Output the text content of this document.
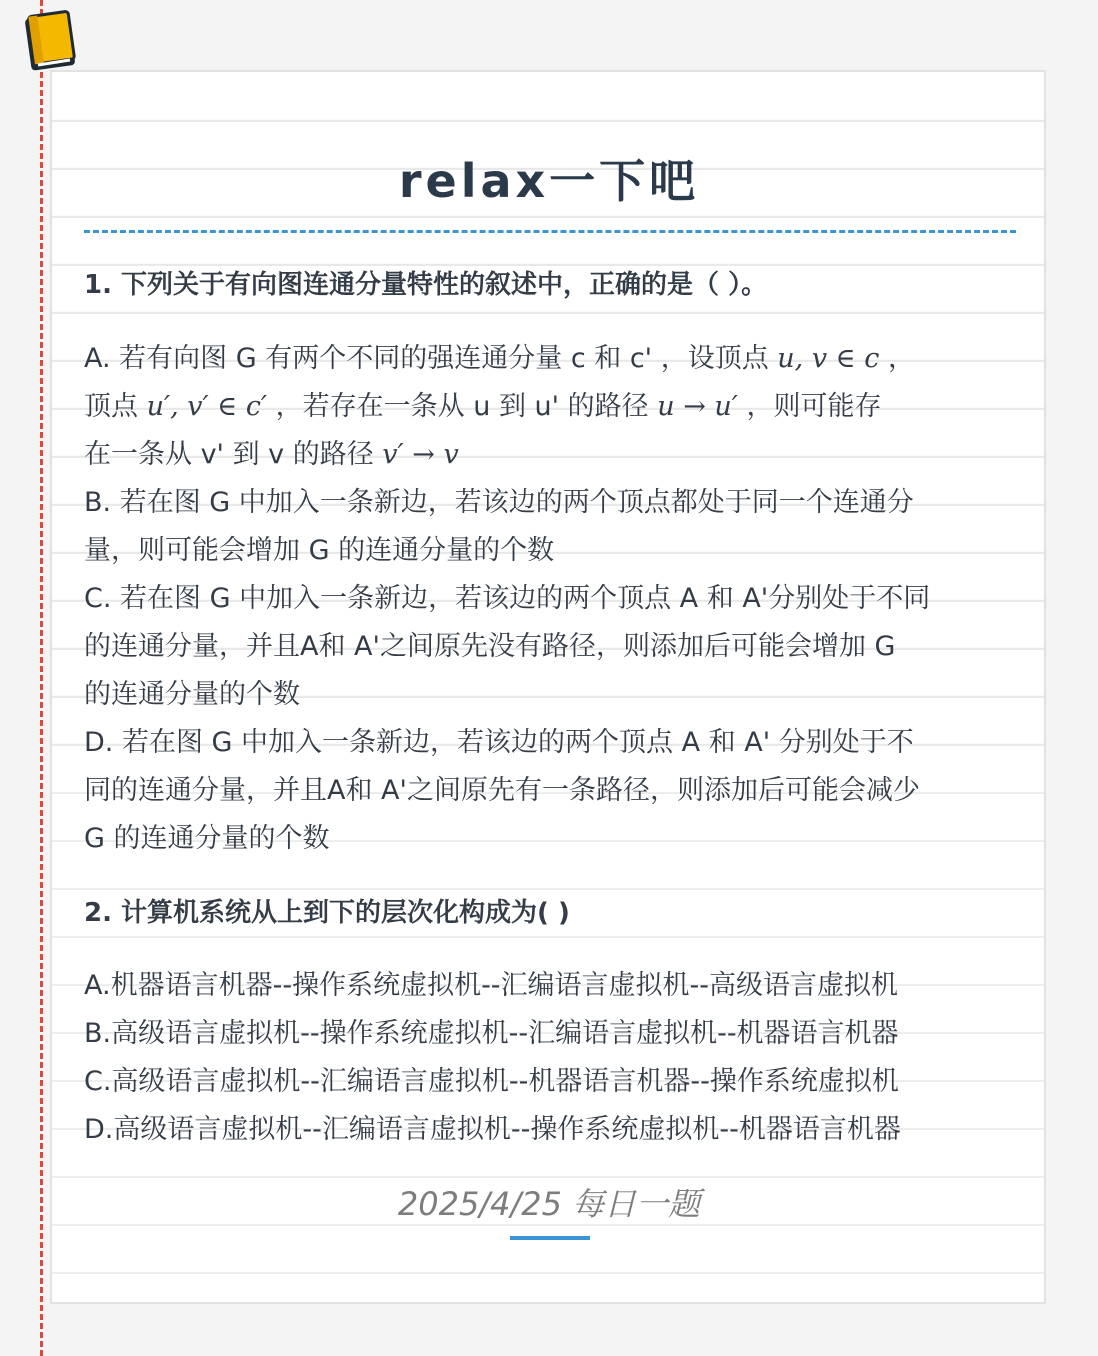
relax一下吧

1. 下列关于有向图连通分量特性的叙述中，正确的是（ ）。

A. 若有向图 G 有两个不同的强连通分量 c 和 c' ，设顶点 u, v ∈ c ，
顶点 u′, v′ ∈ c′ ，若存在一条从 u 到 u' 的路径 u → u′ ，则可能存
在一条从 v' 到 v 的路径 v′ → v

B. 若在图 G 中加入一条新边，若该边的两个顶点都处于同一个连通分
量，则可能会增加 G 的连通分量的个数

C. 若在图 G 中加入一条新边，若该边的两个顶点 A 和 A'分别处于不同
的连通分量，并且A和 A'之间原先没有路径，则添加后可能会增加 G
的连通分量的个数

D. 若在图 G 中加入一条新边，若该边的两个顶点 A 和 A' 分别处于不
同的连通分量，并且A和 A'之间原先有一条路径，则添加后可能会减少
G 的连通分量的个数

2. 计算机系统从上到下的层次化构成为( )

A.机器语言机器--操作系统虚拟机--汇编语言虚拟机--高级语言虚拟机

B.高级语言虚拟机--操作系统虚拟机--汇编语言虚拟机--机器语言机器

C.高级语言虚拟机--汇编语言虚拟机--机器语言机器--操作系统虚拟机

D.高级语言虚拟机--汇编语言虚拟机--操作系统虚拟机--机器语言机器

2025/4/25 每日一题
